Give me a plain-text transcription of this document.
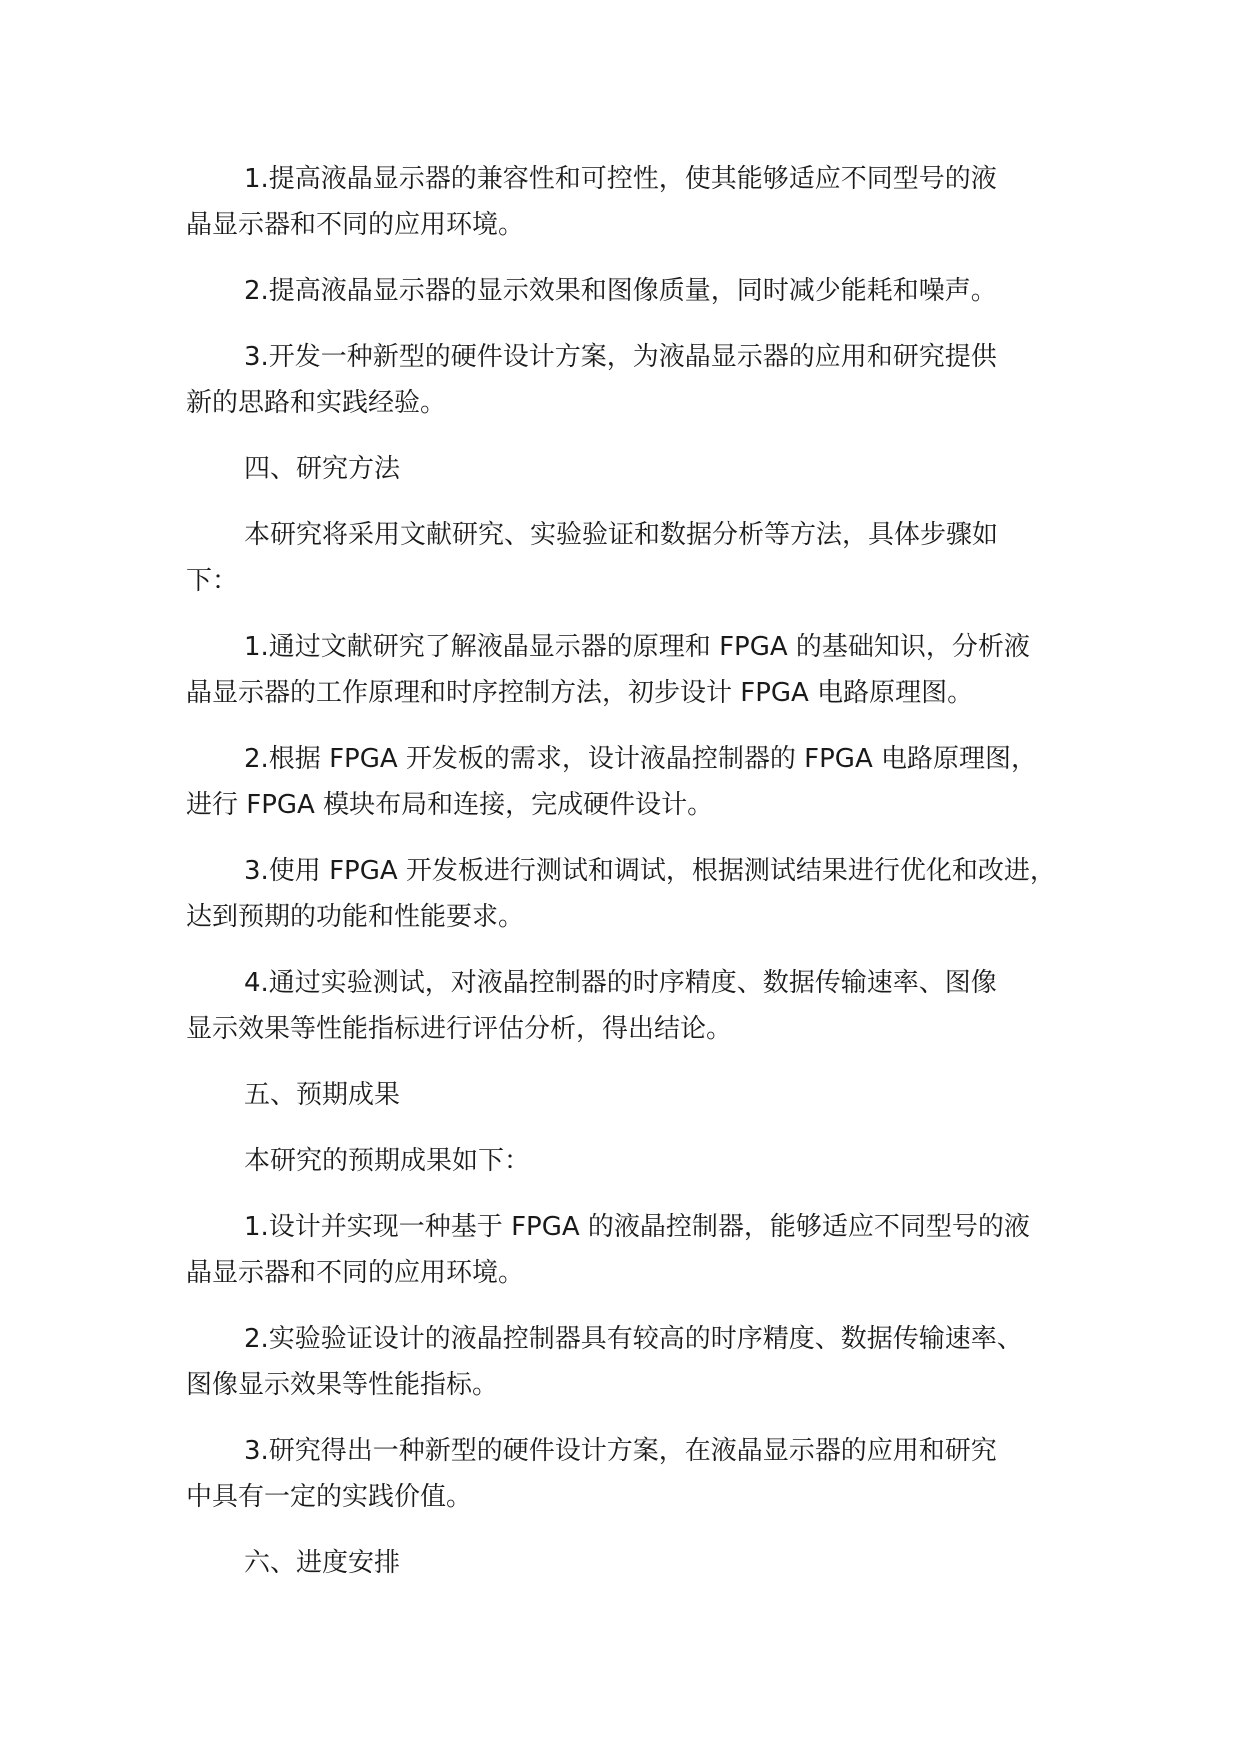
1.提高液晶显示器的兼容性和可控性，使其能够适应不同型号的液
晶显示器和不同的应用环境。

2.提高液晶显示器的显示效果和图像质量，同时减少能耗和噪声。

3.开发一种新型的硬件设计方案，为液晶显示器的应用和研究提供
新的思路和实践经验。

四、研究方法

本研究将采用文献研究、实验验证和数据分析等方法，具体步骤如
下：

1.通过文献研究了解液晶显示器的原理和 FPGA 的基础知识，分析液
晶显示器的工作原理和时序控制方法，初步设计 FPGA 电路原理图。

2.根据 FPGA 开发板的需求，设计液晶控制器的 FPGA 电路原理图，
进行 FPGA 模块布局和连接，完成硬件设计。

3.使用 FPGA 开发板进行测试和调试，根据测试结果进行优化和改进，
达到预期的功能和性能要求。

4.通过实验测试，对液晶控制器的时序精度、数据传输速率、图像
显示效果等性能指标进行评估分析，得出结论。

五、预期成果

本研究的预期成果如下：

1.设计并实现一种基于 FPGA 的液晶控制器，能够适应不同型号的液
晶显示器和不同的应用环境。

2.实验验证设计的液晶控制器具有较高的时序精度、数据传输速率、
图像显示效果等性能指标。

3.研究得出一种新型的硬件设计方案，在液晶显示器的应用和研究
中具有一定的实践价值。

六、进度安排
